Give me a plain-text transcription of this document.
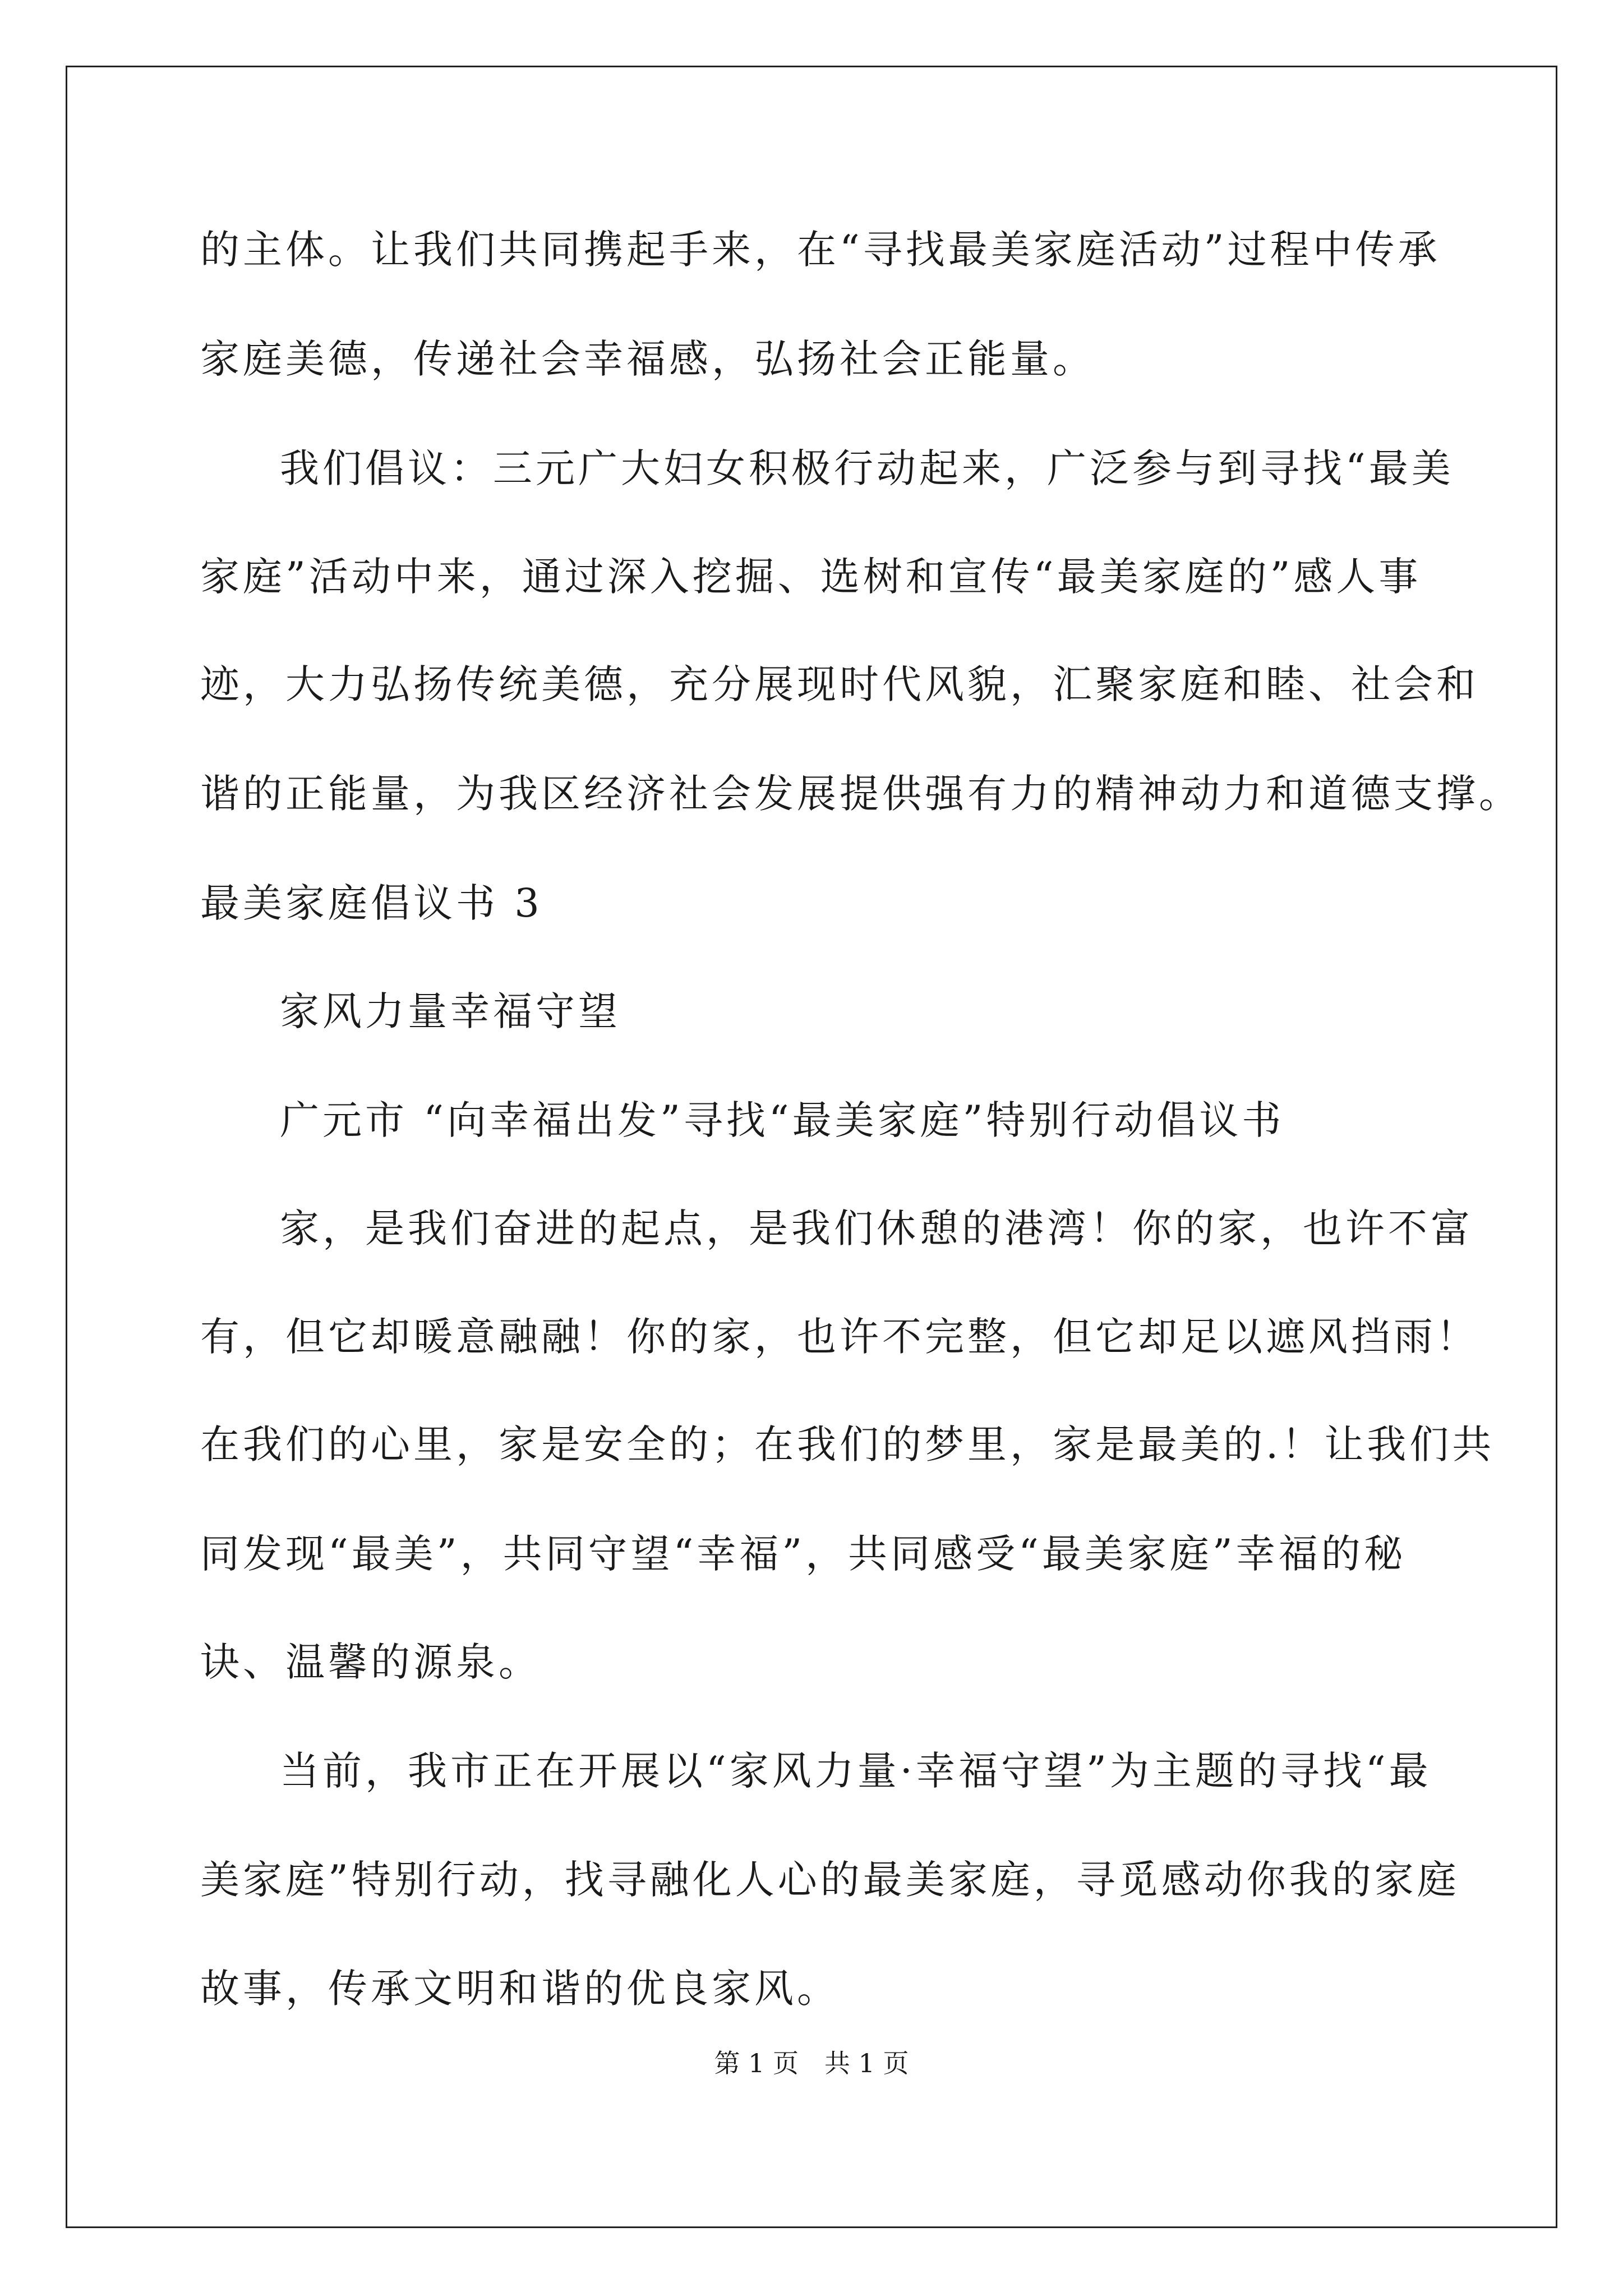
的主体。让我们共同携起手来，在“寻找最美家庭活动”过程中传承
家庭美德，传递社会幸福感，弘扬社会正能量。
我们倡议：三元广大妇女积极行动起来，广泛参与到寻找“最美
家庭”活动中来，通过深入挖掘、选树和宣传“最美家庭的”感人事
迹，大力弘扬传统美德，充分展现时代风貌，汇聚家庭和睦、社会和
谐的正能量，为我区经济社会发展提供强有力的精神动力和道德支撑。
最美家庭倡议书 3
家风力量幸福守望
广元市 “向幸福出发”寻找“最美家庭”特别行动倡议书
家，是我们奋进的起点，是我们休憩的港湾！你的家，也许不富
有，但它却暖意融融！你的家，也许不完整，但它却足以遮风挡雨！
在我们的心里，家是安全的；在我们的梦里，家是最美的.！让我们共
同发现“最美”，共同守望“幸福”，共同感受“最美家庭”幸福的秘
诀、温馨的源泉。
当前，我市正在开展以“家风力量·幸福守望”为主题的寻找“最
美家庭”特别行动，找寻融化人心的最美家庭，寻觅感动你我的家庭
故事，传承文明和谐的优良家风。
第 1 页　共 1 页
